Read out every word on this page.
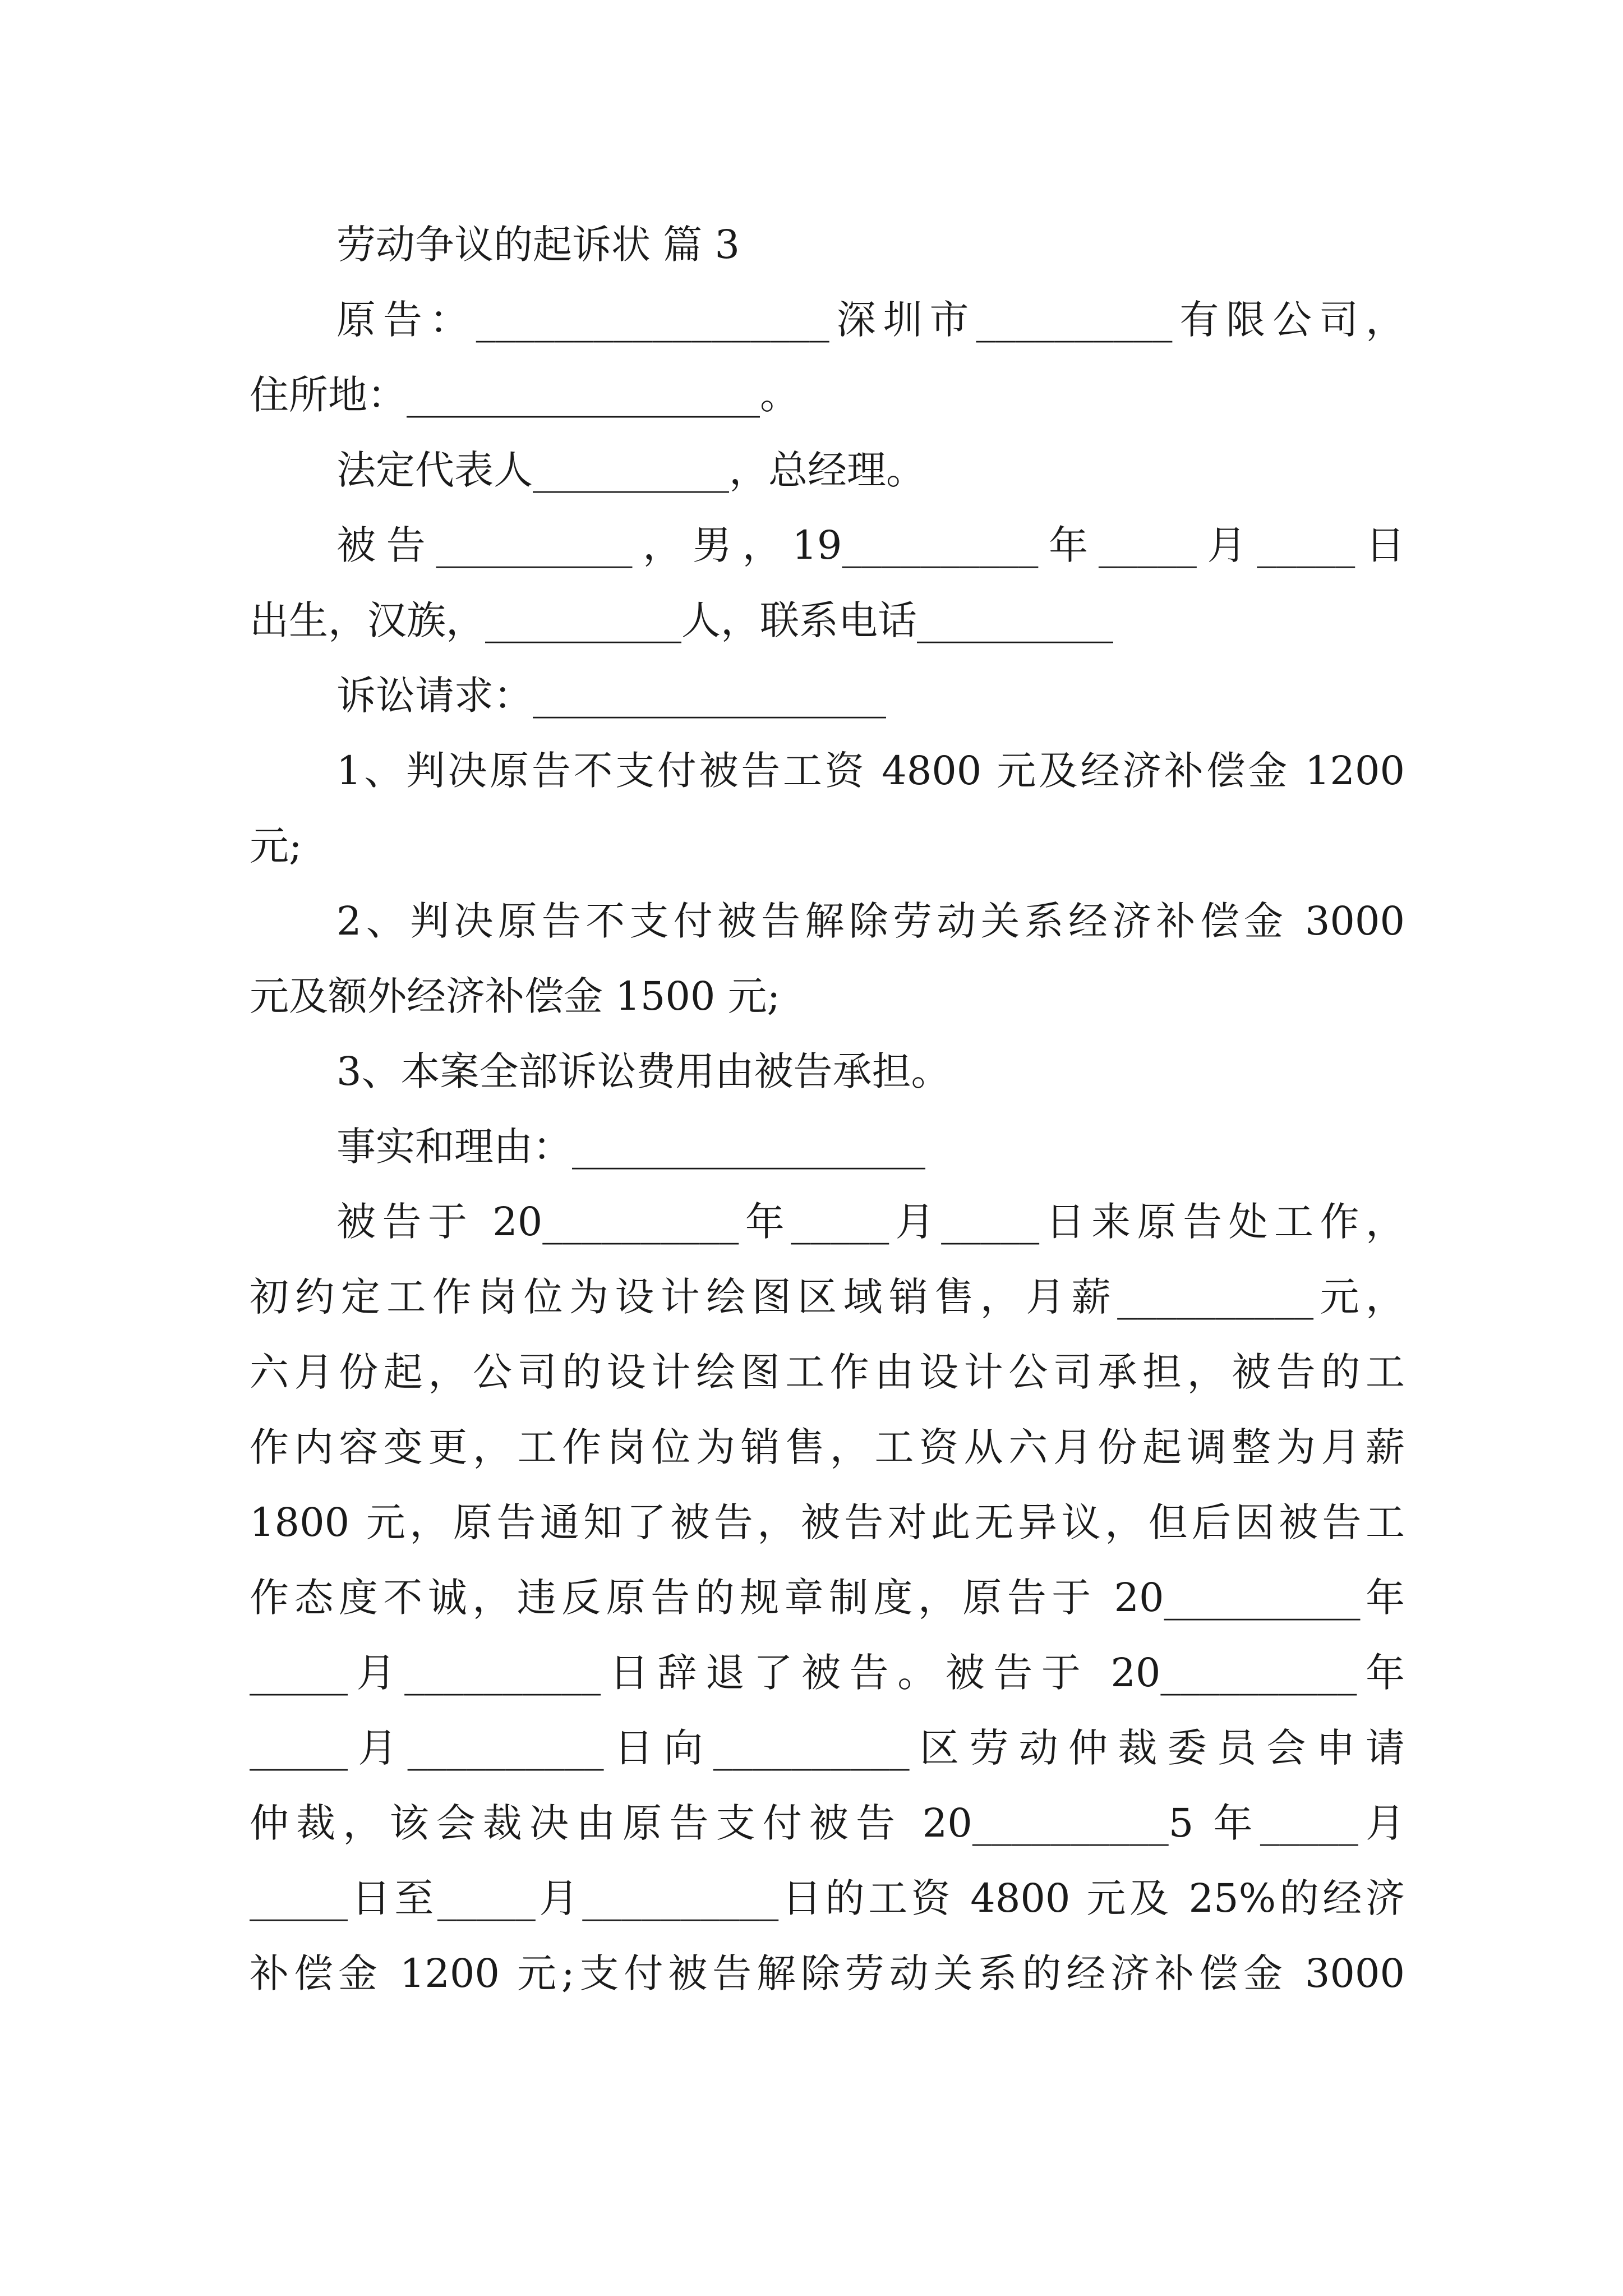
劳动争议的起诉状 篇 3
原告：__________________深圳市__________有限公司，
住所地：__________________。
法定代表人__________，总经理。
被告__________，男，19__________年_____月_____日
出生，汉族，__________人，联系电话__________
诉讼请求：__________________
1、判决原告不支付被告工资 4800 元及经济补偿金 1200
元;
2、判决原告不支付被告解除劳动关系经济补偿金 3000
元及额外经济补偿金 1500 元;
3、本案全部诉讼费用由被告承担。
事实和理由：__________________
被告于 20__________年_____月_____日来原告处工作，
初约定工作岗位为设计绘图区域销售，月薪__________元，
六月份起，公司的设计绘图工作由设计公司承担，被告的工
作内容变更，工作岗位为销售，工资从六月份起调整为月薪
1800 元，原告通知了被告，被告对此无异议，但后因被告工
作态度不诚，违反原告的规章制度，原告于 20__________年
_____月__________日辞退了被告。被告于 20__________年
_____月__________日向__________区劳动仲裁委员会申请
仲裁，该会裁决由原告支付被告 20__________5 年_____月
_____日至_____月__________日的工资 4800 元及 25%的经济
补偿金 1200 元;支付被告解除劳动关系的经济补偿金 3000
